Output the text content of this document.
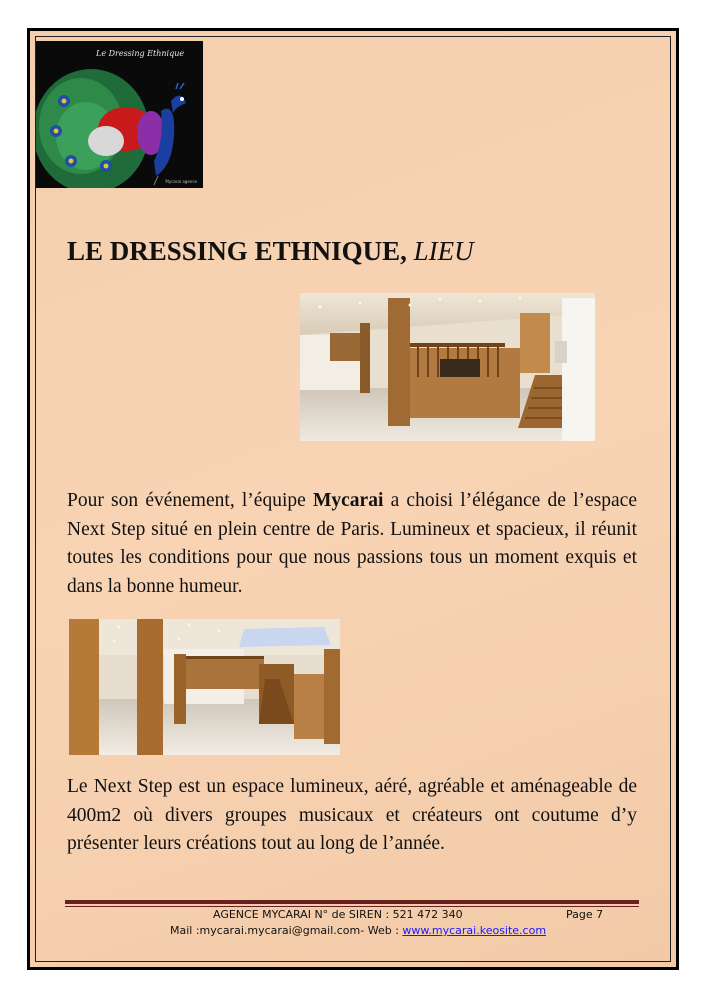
Le Dressing Ethnique
Mycarai agence
LE DRESSING ETHNIQUE, LIEU

Pour son événement, l’équipe Mycarai a choisi l’élégance de l’espace Next Step situé en plein centre de Paris. Lumineux et spacieux, il réunit toutes les conditions pour que nous passions tous un moment exquis et dans la bonne humeur.

Le Next Step est un espace lumineux, aéré, agréable et aménageable de 400m2 où divers groupes musicaux et créateurs ont coutume d’y présenter leurs créations tout au long de l’année.

AGENCE MYCARAI N° de SIREN : 521 472 340	Page 7
Mail :mycarai.mycarai@gmail.com- Web : www.mycarai.keosite.com
